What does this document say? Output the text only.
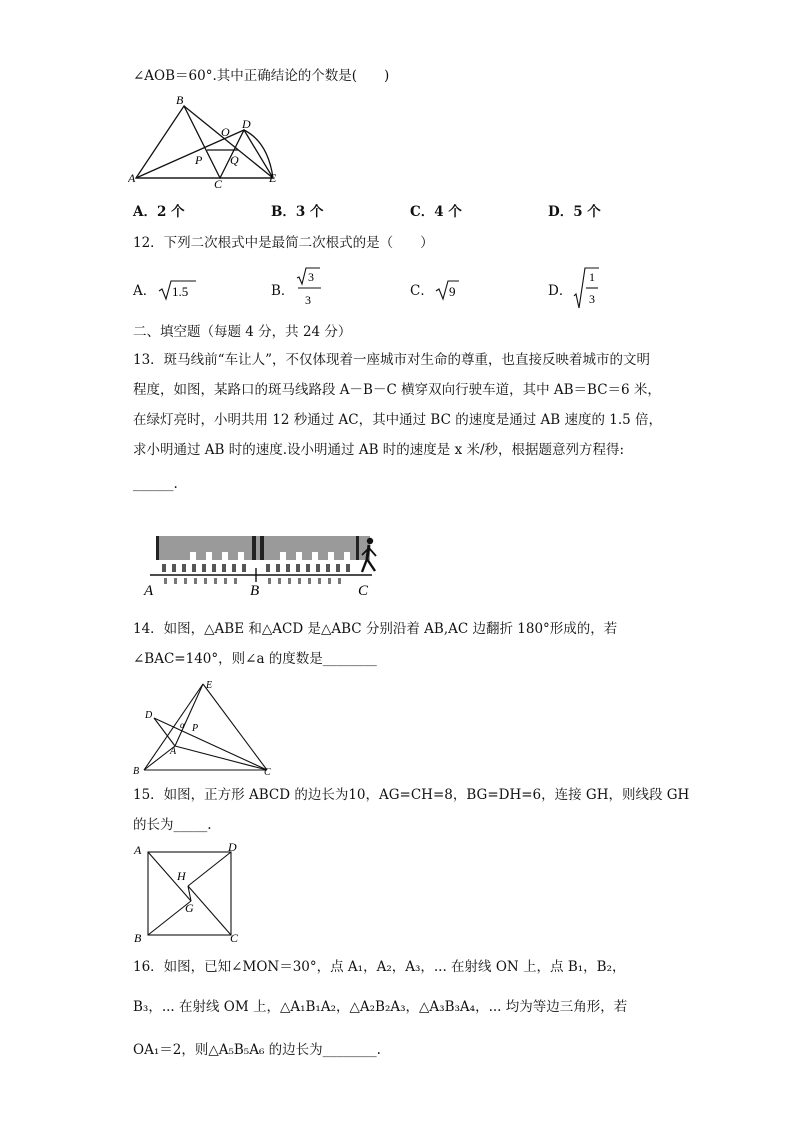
∠AOB＝60°.其中正确结论的个数是(　　)
B
O
D
P Q
A	C	E
A．2 个	B．3 个	C．4 个	D．5 个
12．下列二次根式中是最简二次根式的是（　　）
A． 1.5	B．
3
3
C． 9	D．
1
3
二、填空题（每题 4 分，共 24 分）
13．斑马线前“车让人”，不仅体现着一座城市对生命的尊重，也直接反映着城市的文明
程度，如图，某路口的斑马线路段 A－B－C 横穿双向行驶车道，其中 AB＝BC＝6 米，
在绿灯亮时，小明共用 12 秒通过 AC，其中通过 BC 的速度是通过 AB 速度的 1.5 倍，
求小明通过 AB 时的速度.设小明通过 AB 时的速度是 x 米/秒，根据题意列方程得:
______.
A	B	C
14．如图，△ABE 和△ACD 是△ABC 分别沿着 AB,AC 边翻折 180°形成的，若
∠BAC=140°，则∠a 的度数是________
E
D
α P
A
B	C
15．如图，正方形 ABCD 的边长为10，AG=CH=8，BG=DH=6，连接 GH，则线段 GH
的长为_____.
A	D
H
G
B	C
16．如图，已知∠MON＝30°，点 A₁，A₂，A₃，... 在射线 ON 上，点 B₁，B₂，
B₃，... 在射线 OM 上，△A₁B₁A₂，△A₂B₂A₃，△A₃B₃A₄，... 均为等边三角形，若
OA₁＝2，则△A₅B₅A₆ 的边长为________.
